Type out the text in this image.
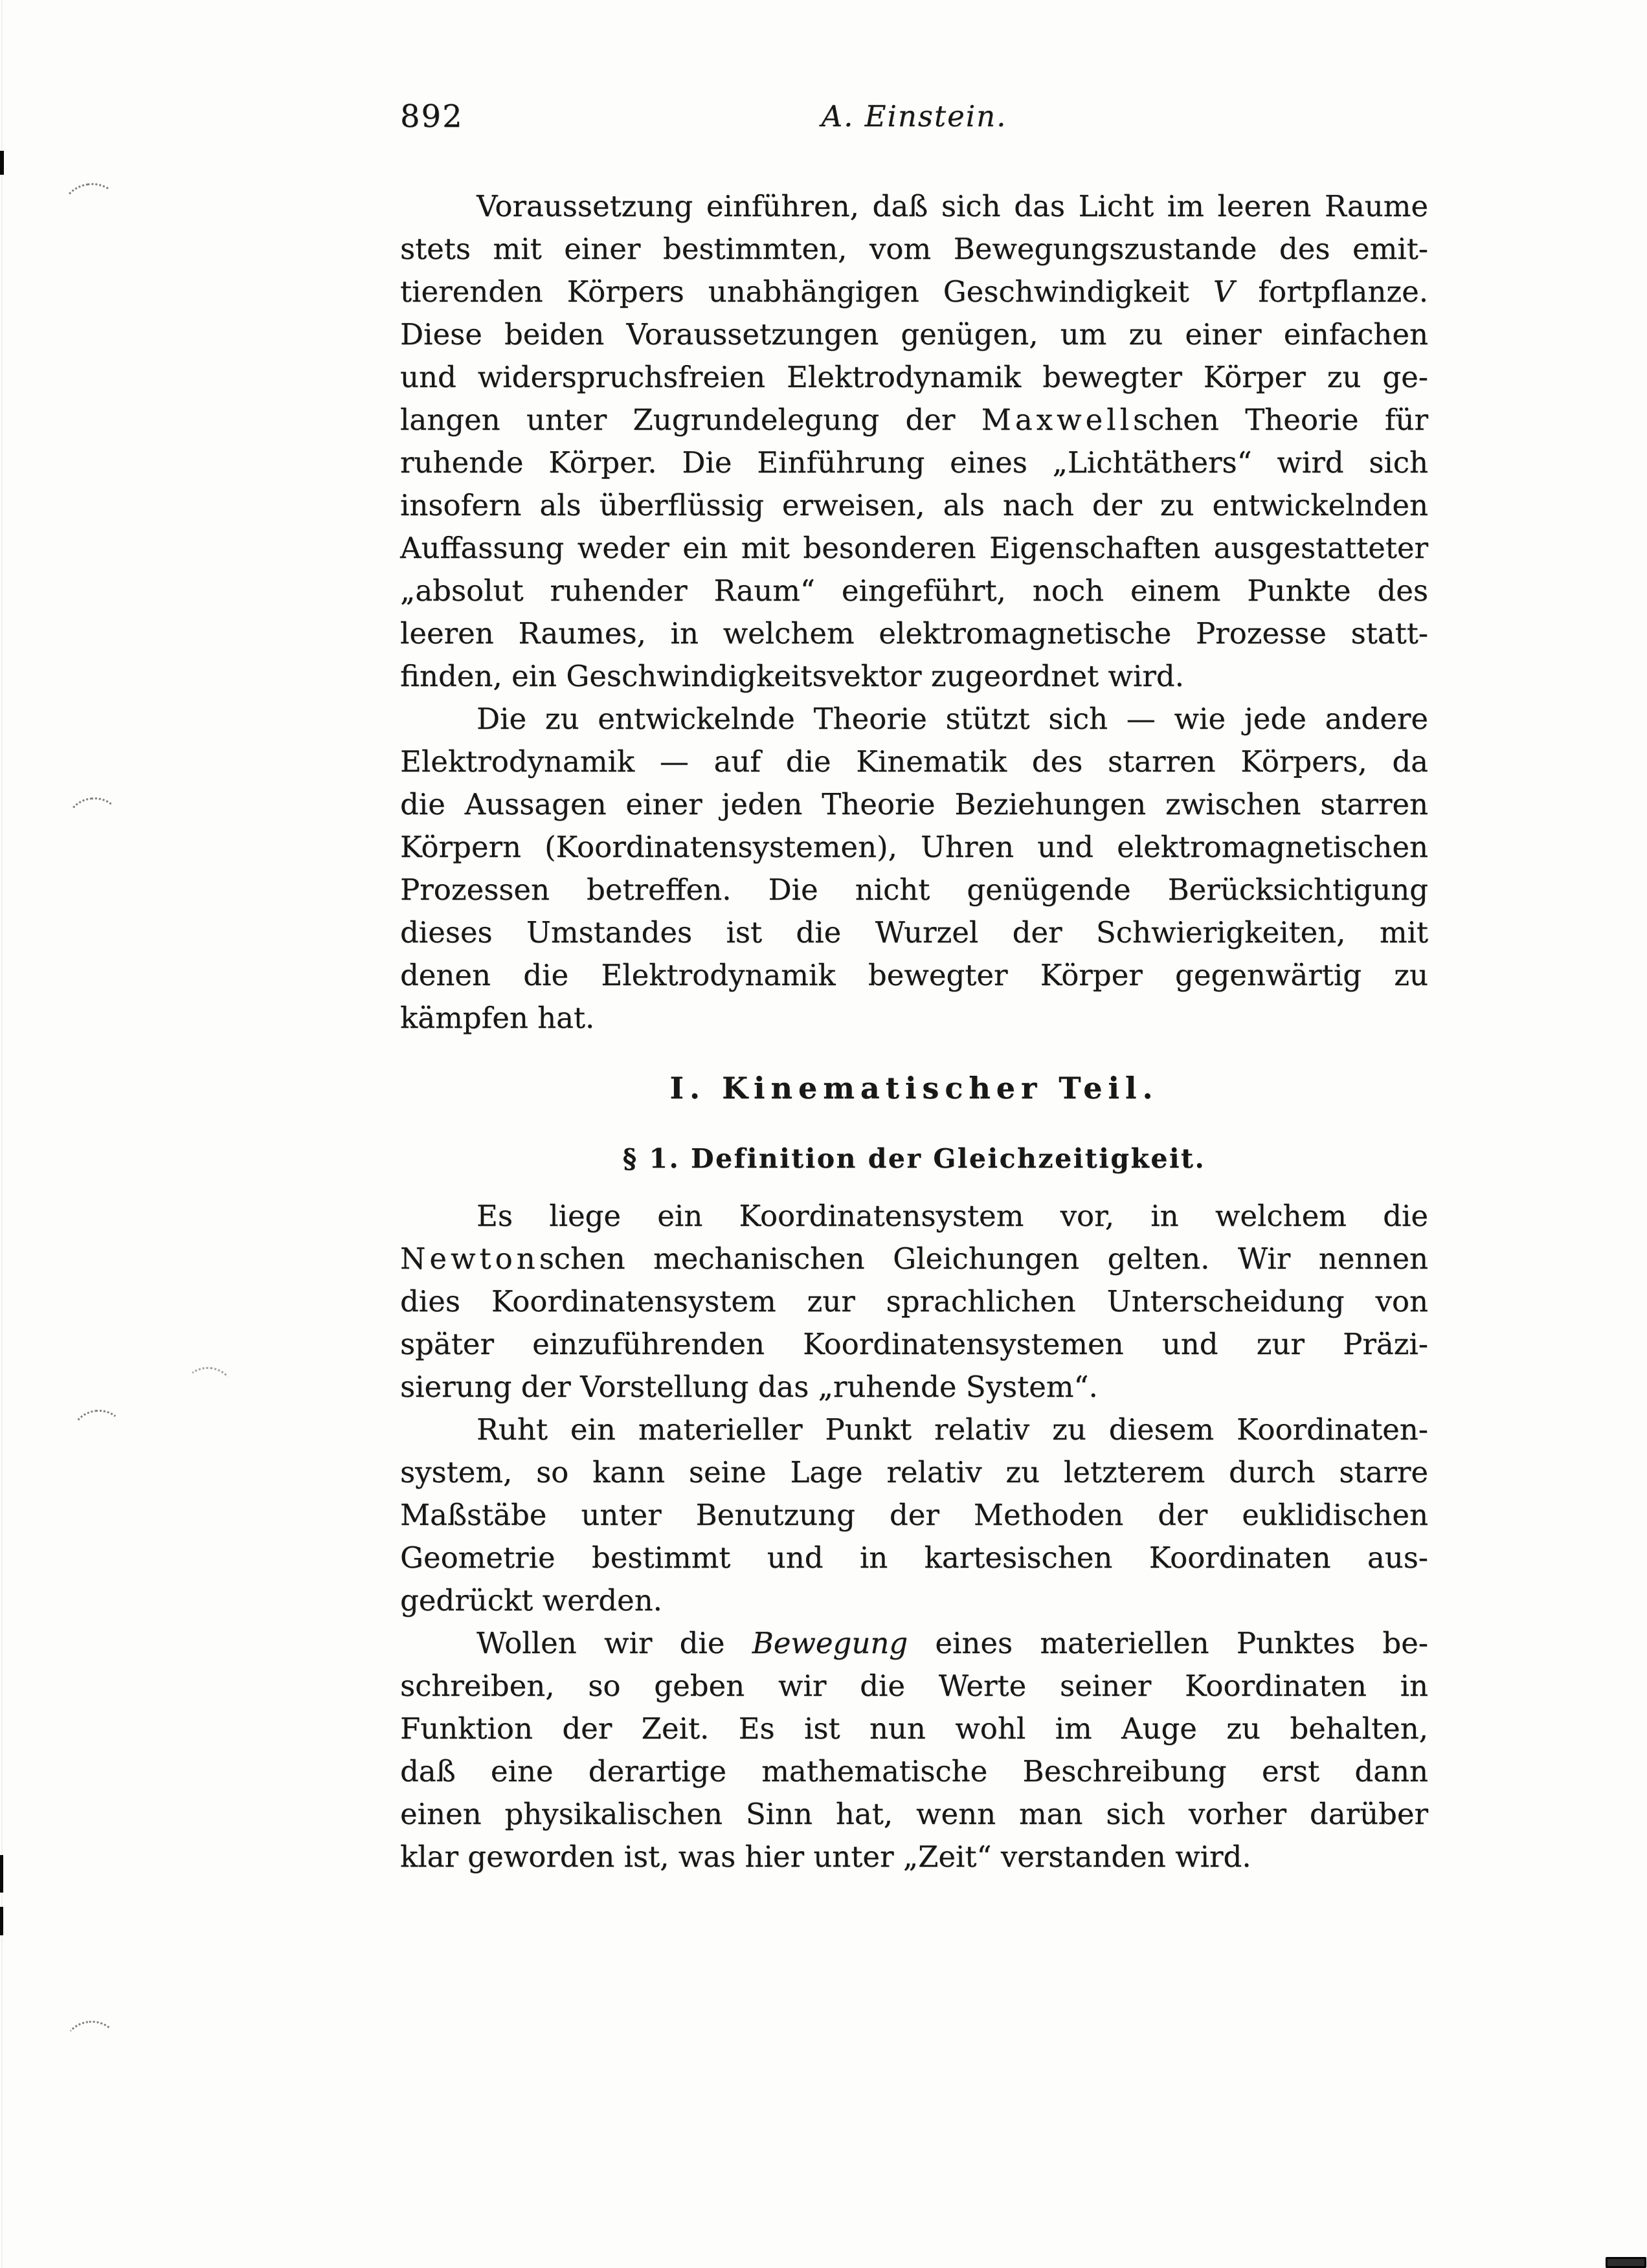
892	A. Einstein.
Voraussetzung einführen, daß sich das Licht im leeren Raume
stets mit einer bestimmten, vom Bewegungszustande des emit-
tierenden Körpers unabhängigen Geschwindigkeit V fortpflanze.
Diese beiden Voraussetzungen genügen, um zu einer einfachen
und widerspruchsfreien Elektrodynamik bewegter Körper zu ge-
langen unter Zugrundelegung der Maxwellschen Theorie für
ruhende Körper. Die Einführung eines „Lichtäthers“ wird sich
insofern als überflüssig erweisen, als nach der zu entwickelnden
Auffassung weder ein mit besonderen Eigenschaften ausgestatteter
„absolut ruhender Raum“ eingeführt, noch einem Punkte des
leeren Raumes, in welchem elektromagnetische Prozesse statt-
finden, ein Geschwindigkeitsvektor zugeordnet wird.
Die zu entwickelnde Theorie stützt sich — wie jede andere
Elektrodynamik — auf die Kinematik des starren Körpers, da
die Aussagen einer jeden Theorie Beziehungen zwischen starren
Körpern (Koordinatensystemen), Uhren und elektromagnetischen
Prozessen betreffen. Die nicht genügende Berücksichtigung
dieses Umstandes ist die Wurzel der Schwierigkeiten, mit
denen die Elektrodynamik bewegter Körper gegenwärtig zu
kämpfen hat.
I. Kinematischer Teil.
§ 1. Definition der Gleichzeitigkeit.
Es liege ein Koordinatensystem vor, in welchem die
Newtonschen mechanischen Gleichungen gelten. Wir nennen
dies Koordinatensystem zur sprachlichen Unterscheidung von
später einzuführenden Koordinatensystemen und zur Präzi-
sierung der Vorstellung das „ruhende System“.
Ruht ein materieller Punkt relativ zu diesem Koordinaten-
system, so kann seine Lage relativ zu letzterem durch starre
Maßstäbe unter Benutzung der Methoden der euklidischen
Geometrie bestimmt und in kartesischen Koordinaten aus-
gedrückt werden.
Wollen wir die Bewegung eines materiellen Punktes be-
schreiben, so geben wir die Werte seiner Koordinaten in
Funktion der Zeit. Es ist nun wohl im Auge zu behalten,
daß eine derartige mathematische Beschreibung erst dann
einen physikalischen Sinn hat, wenn man sich vorher darüber
klar geworden ist, was hier unter „Zeit“ verstanden wird.
